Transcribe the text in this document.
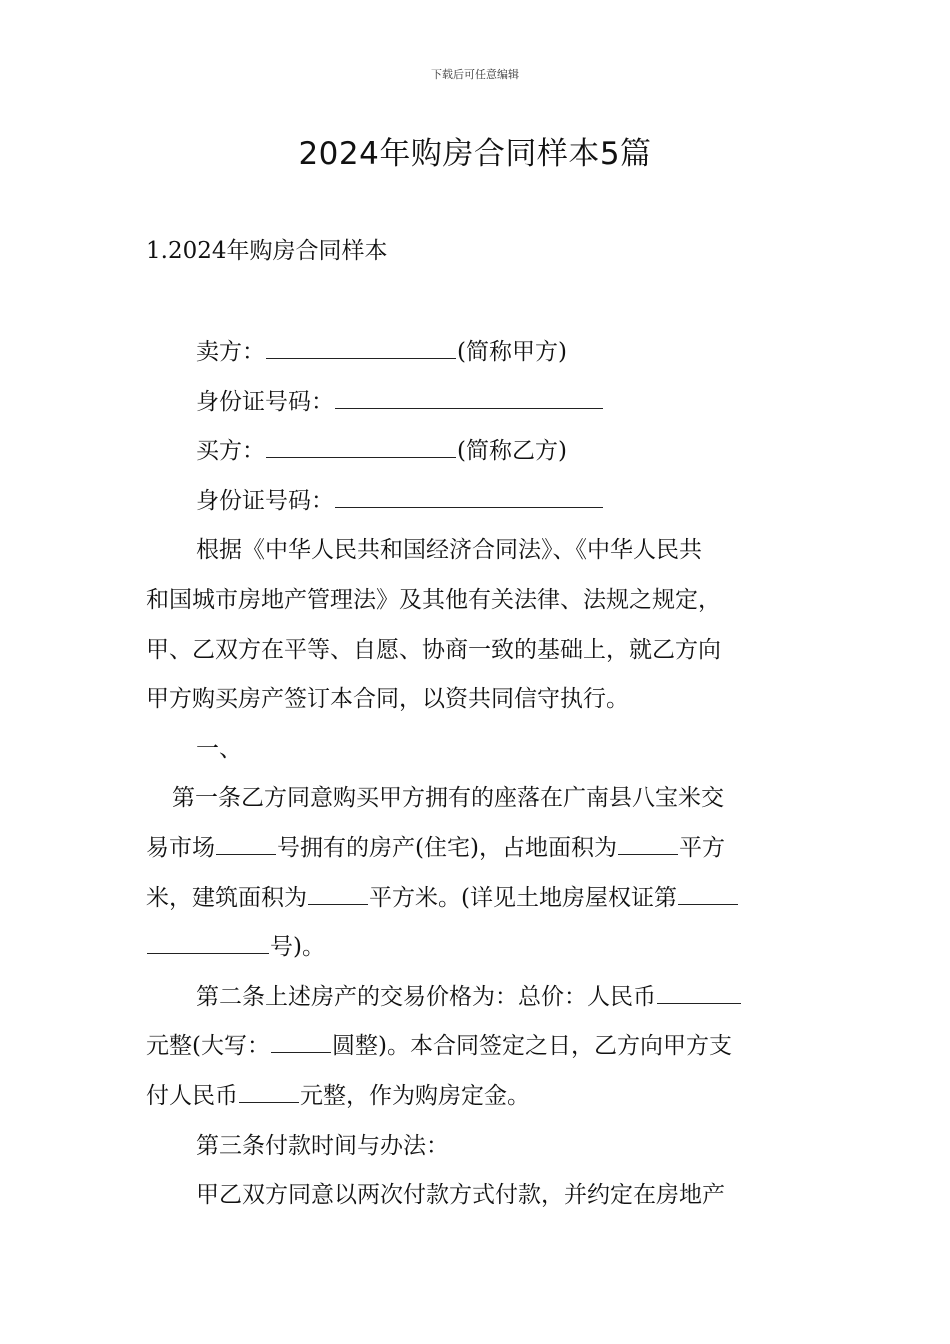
下载后可任意编辑
2024年购房合同样本5篇
1.2024年购房合同样本
卖方：	(简称甲方)
身份证号码：
买方：	(简称乙方)
身份证号码：
根据《中华人民共和国经济合同法》、《中华人民共
和国城市房地产管理法》及其他有关法律、法规之规定，
甲、乙双方在平等、自愿、协商一致的基础上，就乙方向
甲方购买房产签订本合同，以资共同信守执行。
一、
第一条乙方同意购买甲方拥有的座落在广南县八宝米交
易市场	号拥有的房产(住宅)，占地面积为	平方
米，建筑面积为	平方米。(详见土地房屋权证第
号)。
第二条上述房产的交易价格为：总价：人民币
元整(大写：	圆整)。本合同签定之日，乙方向甲方支
付人民币	元整，作为购房定金。
第三条付款时间与办法：
甲乙双方同意以两次付款方式付款，并约定在房地产
